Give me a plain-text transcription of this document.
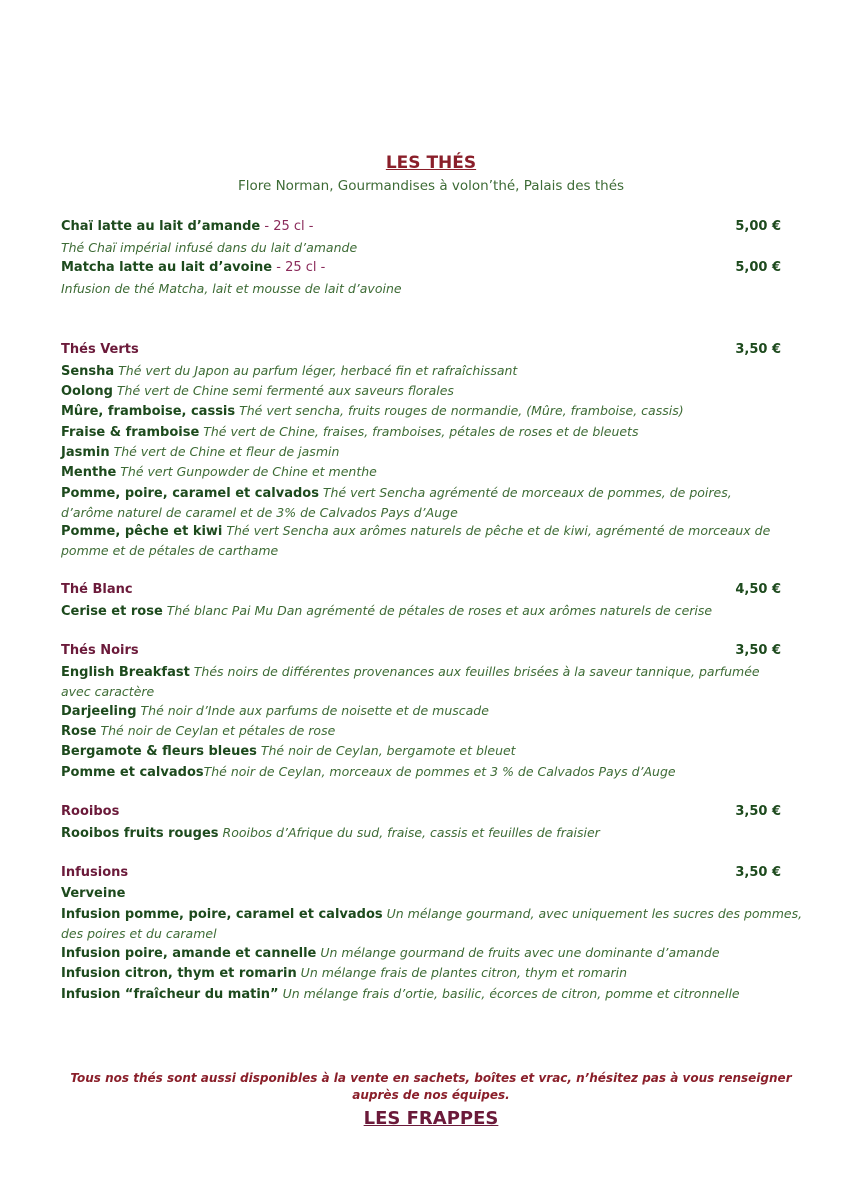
LES THÉS
Flore Norman, Gourmandises à volon’thé, Palais des thés
Chaï latte au lait d’amande - 25 cl -	5,00 €
Thé Chaï impérial infusé dans du lait d’amande
Matcha latte au lait d’avoine - 25 cl -	5,00 €
Infusion de thé Matcha, lait et mousse de lait d’avoine
Thés Verts	3,50 €
Sensha Thé vert du Japon au parfum léger, herbacé fin et rafraîchissant
Oolong Thé vert de Chine semi fermenté aux saveurs florales
Mûre, framboise, cassis Thé vert sencha, fruits rouges de normandie, (Mûre, framboise, cassis)
Fraise & framboise Thé vert de Chine, fraises, framboises, pétales de roses et de bleuets
Jasmin Thé vert de Chine et fleur de jasmin
Menthe Thé vert Gunpowder de Chine et menthe
Pomme, poire, caramel et calvados Thé vert Sencha agrémenté de morceaux de pommes, de poires, d’arôme naturel de caramel et de 3% de Calvados Pays d’Auge
Pomme, pêche et kiwi Thé vert Sencha aux arômes naturels de pêche et de kiwi, agrémenté de morceaux de pomme et de pétales de carthame
Thé Blanc	4,50 €
Cerise et rose Thé blanc Pai Mu Dan agrémenté de pétales de roses et aux arômes naturels de cerise
Thés Noirs	3,50 €
English Breakfast Thés noirs de différentes provenances aux feuilles brisées à la saveur tannique, parfumée avec caractère
Darjeeling Thé noir d’Inde aux parfums de noisette et de muscade
Rose Thé noir de Ceylan et pétales de rose
Bergamote & fleurs bleues Thé noir de Ceylan, bergamote et bleuet
Pomme et calvadosThé noir de Ceylan, morceaux de pommes et 3 % de Calvados Pays d’Auge
Rooibos	3,50 €
Rooibos fruits rouges Rooibos d’Afrique du sud, fraise, cassis et feuilles de fraisier
Infusions	3,50 €
Verveine
Infusion pomme, poire, caramel et calvados Un mélange gourmand, avec uniquement les sucres des pommes, des poires et du caramel
Infusion poire, amande et cannelle Un mélange gourmand de fruits avec une dominante d’amande
Infusion citron, thym et romarin Un mélange frais de plantes citron, thym et romarin
Infusion “fraîcheur du matin” Un mélange frais d’ortie, basilic, écorces de citron, pomme et citronnelle
Tous nos thés sont aussi disponibles à la vente en sachets, boîtes et vrac, n’hésitez pas à vous renseigner auprès de nos équipes.
LES FRAPPES
